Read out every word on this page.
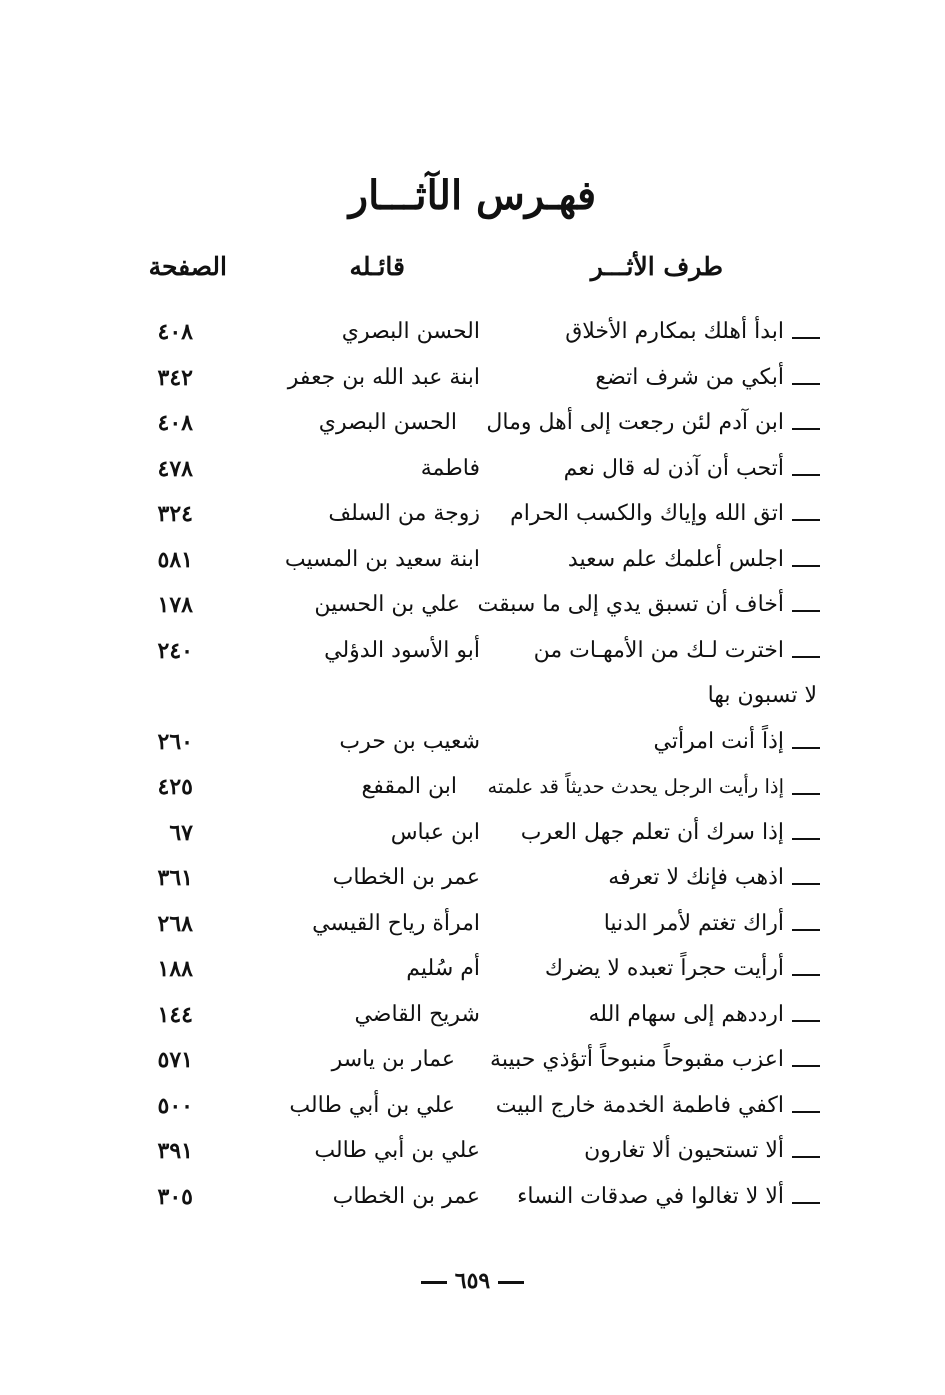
فهـرس الآثـــار
طرف الأثـــر
قائـله
الصفحة
ابدأ أهلك بمكارم الأخلاق
الحسن البصري
٤٠٨
أبكي من شرف اتضع
ابنة عبد الله بن جعفر
٣٤٢
ابن آدم لئن رجعت إلى أهل ومال
الحسن البصري
٤٠٨
أتحب أن آذن له قال نعم
فاطمة
٤٧٨
اتق الله وإياك والكسب الحرام
زوجة من السلف
٣٢٤
اجلس أعلمك علم سعيد
ابنة سعيد بن المسيب
٥٨١
أخاف أن تسبق يدي إلى ما سبقت
علي بن الحسين
١٧٨
اخترت لـك من الأمهـات من
أبو الأسود الدؤلي
٢٤٠
لا تسبون بها
إذاً أنت امرأتي
شعيب بن حرب
٢٦٠
إذا رأيت الرجل يحدث حديثاً قد علمته
ابن المقفع
٤٢٥
إذا سرك أن تعلم جهل العرب
ابن عباس
٦٧
اذهب فإنك لا تعرفه
عمر بن الخطاب
٣٦١
أراك تغتم لأمر الدنيا
امرأة رياح القيسي
٢٦٨
أرأيت حجراً تعبده لا يضرك
أم سُليم
١٨٨
ارددهم إلى سهام الله
شريح القاضي
١٤٤
اعزب مقبوحاً منبوحاً أتؤذي حبيبة
عمار بن ياسر
٥٧١
اكفي فاطمة الخدمة خارج البيت
علي بن أبي طالب
٥٠٠
ألا تستحيون ألا تغارون
علي بن أبي طالب
٣٩١
ألا لا تغالوا في صدقات النساء
عمر بن الخطاب
٣٠٥
٦٥٩
